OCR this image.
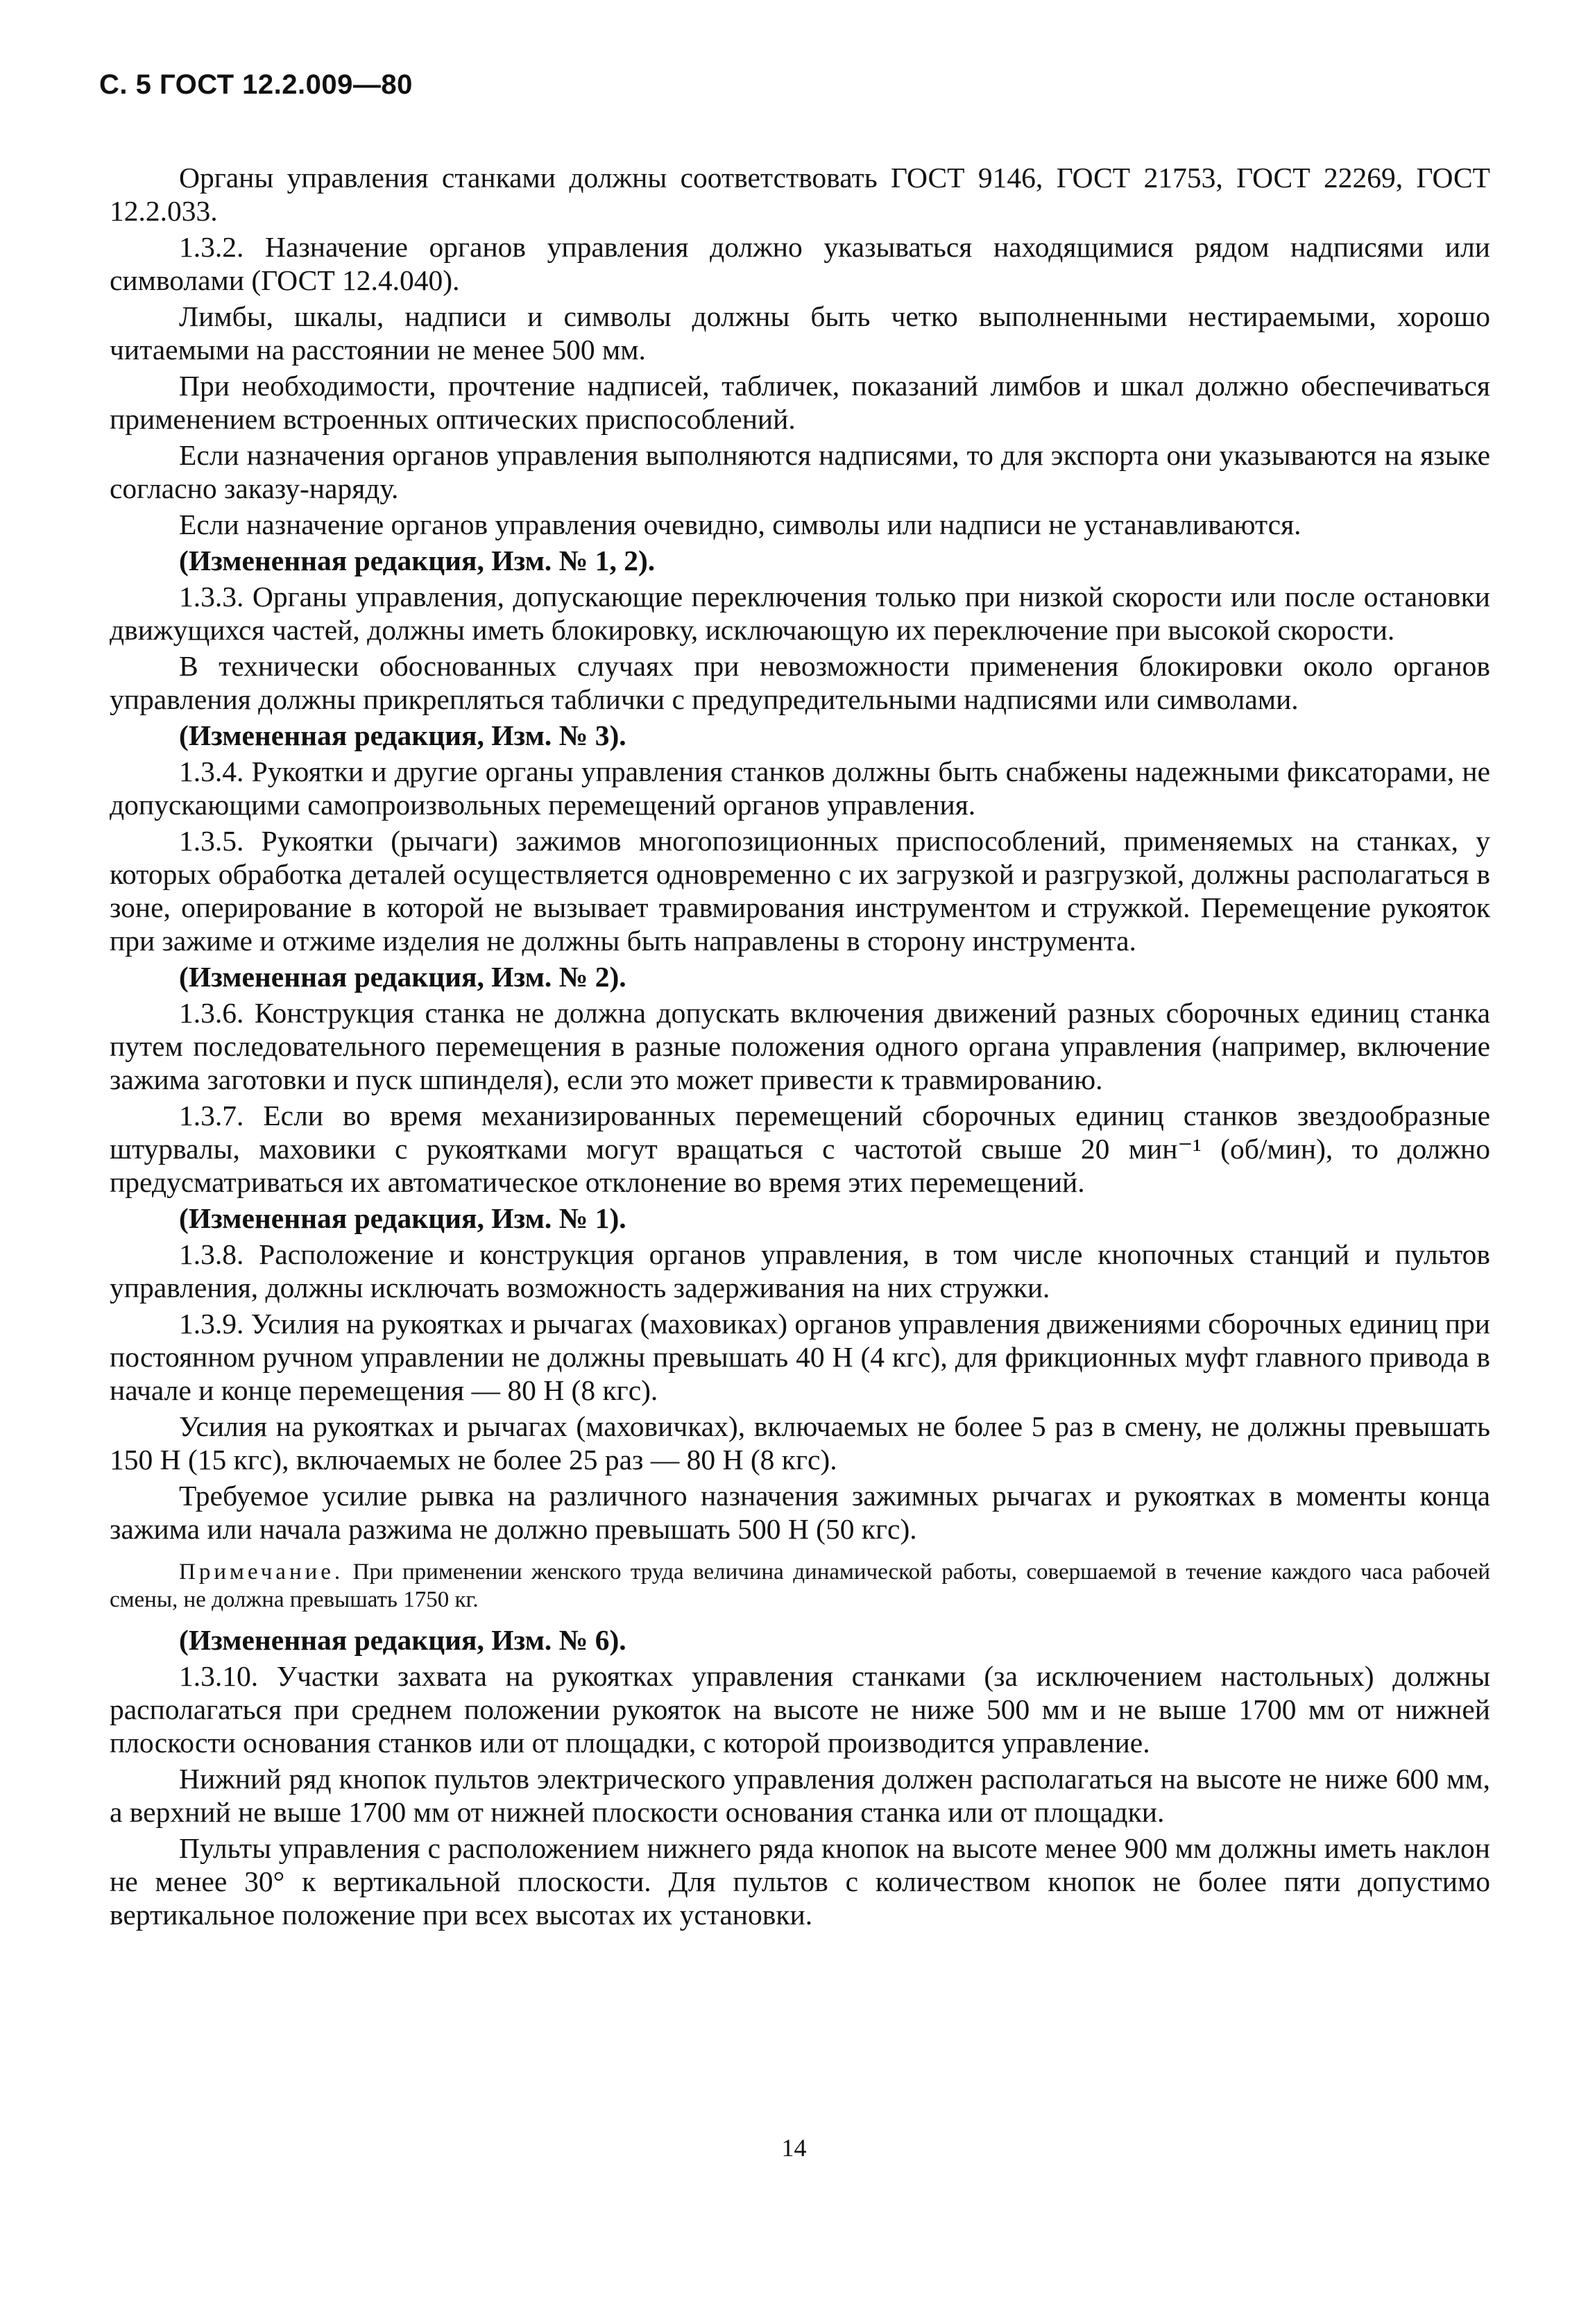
С. 5 ГОСТ 12.2.009—80

Органы управления станками должны соответствовать ГОСТ 9146, ГОСТ 21753, ГОСТ 22269, ГОСТ 12.2.033.

1.3.2. Назначение органов управления должно указываться находящимися рядом надписями или символами (ГОСТ 12.4.040).

Лимбы, шкалы, надписи и символы должны быть четко выполненными нестираемыми, хорошо читаемыми на расстоянии не менее 500 мм.

При необходимости, прочтение надписей, табличек, показаний лимбов и шкал должно обеспечиваться применением встроенных оптических приспособлений.

Если назначения органов управления выполняются надписями, то для экспорта они указываются на языке согласно заказу-наряду.

Если назначение органов управления очевидно, символы или надписи не устанавливаются.

(Измененная редакция, Изм. № 1, 2).

1.3.3. Органы управления, допускающие переключения только при низкой скорости или после остановки движущихся частей, должны иметь блокировку, исключающую их переключение при высокой скорости.

В технически обоснованных случаях при невозможности применения блокировки около органов управления должны прикрепляться таблички с предупредительными надписями или символами.

(Измененная редакция, Изм. № 3).

1.3.4. Рукоятки и другие органы управления станков должны быть снабжены надежными фиксаторами, не допускающими самопроизвольных перемещений органов управления.

1.3.5. Рукоятки (рычаги) зажимов многопозиционных приспособлений, применяемых на станках, у которых обработка деталей осуществляется одновременно с их загрузкой и разгрузкой, должны располагаться в зоне, оперирование в которой не вызывает травмирования инструментом и стружкой. Перемещение рукояток при зажиме и отжиме изделия не должны быть направлены в сторону инструмента.

(Измененная редакция, Изм. № 2).

1.3.6. Конструкция станка не должна допускать включения движений разных сборочных единиц станка путем последовательного перемещения в разные положения одного органа управления (например, включение зажима заготовки и пуск шпинделя), если это может привести к травмированию.

1.3.7. Если во время механизированных перемещений сборочных единиц станков звездообразные штурвалы, маховики с рукоятками могут вращаться с частотой свыше 20 мин⁻¹ (об/мин), то должно предусматриваться их автоматическое отклонение во время этих перемещений.

(Измененная редакция, Изм. № 1).

1.3.8. Расположение и конструкция органов управления, в том числе кнопочных станций и пультов управления, должны исключать возможность задерживания на них стружки.

1.3.9. Усилия на рукоятках и рычагах (маховиках) органов управления движениями сборочных единиц при постоянном ручном управлении не должны превышать 40 Н (4 кгс), для фрикционных муфт главного привода в начале и конце перемещения — 80 Н (8 кгс).

Усилия на рукоятках и рычагах (маховичках), включаемых не более 5 раз в смену, не должны превышать 150 Н (15 кгс), включаемых не более 25 раз — 80 Н (8 кгс).

Требуемое усилие рывка на различного назначения зажимных рычагах и рукоятках в моменты конца зажима или начала разжима не должно превышать 500 Н (50 кгс).

Примечание. При применении женского труда величина динамической работы, совершаемой в течение каждого часа рабочей смены, не должна превышать 1750 кг.

(Измененная редакция, Изм. № 6).

1.3.10. Участки захвата на рукоятках управления станками (за исключением настольных) должны располагаться при среднем положении рукояток на высоте не ниже 500 мм и не выше 1700 мм от нижней плоскости основания станков или от площадки, с которой производится управление.

Нижний ряд кнопок пультов электрического управления должен располагаться на высоте не ниже 600 мм, а верхний не выше 1700 мм от нижней плоскости основания станка или от площадки.

Пульты управления с расположением нижнего ряда кнопок на высоте менее 900 мм должны иметь наклон не менее 30° к вертикальной плоскости. Для пультов с количеством кнопок не более пяти допустимо вертикальное положение при всех высотах их установки.

14
